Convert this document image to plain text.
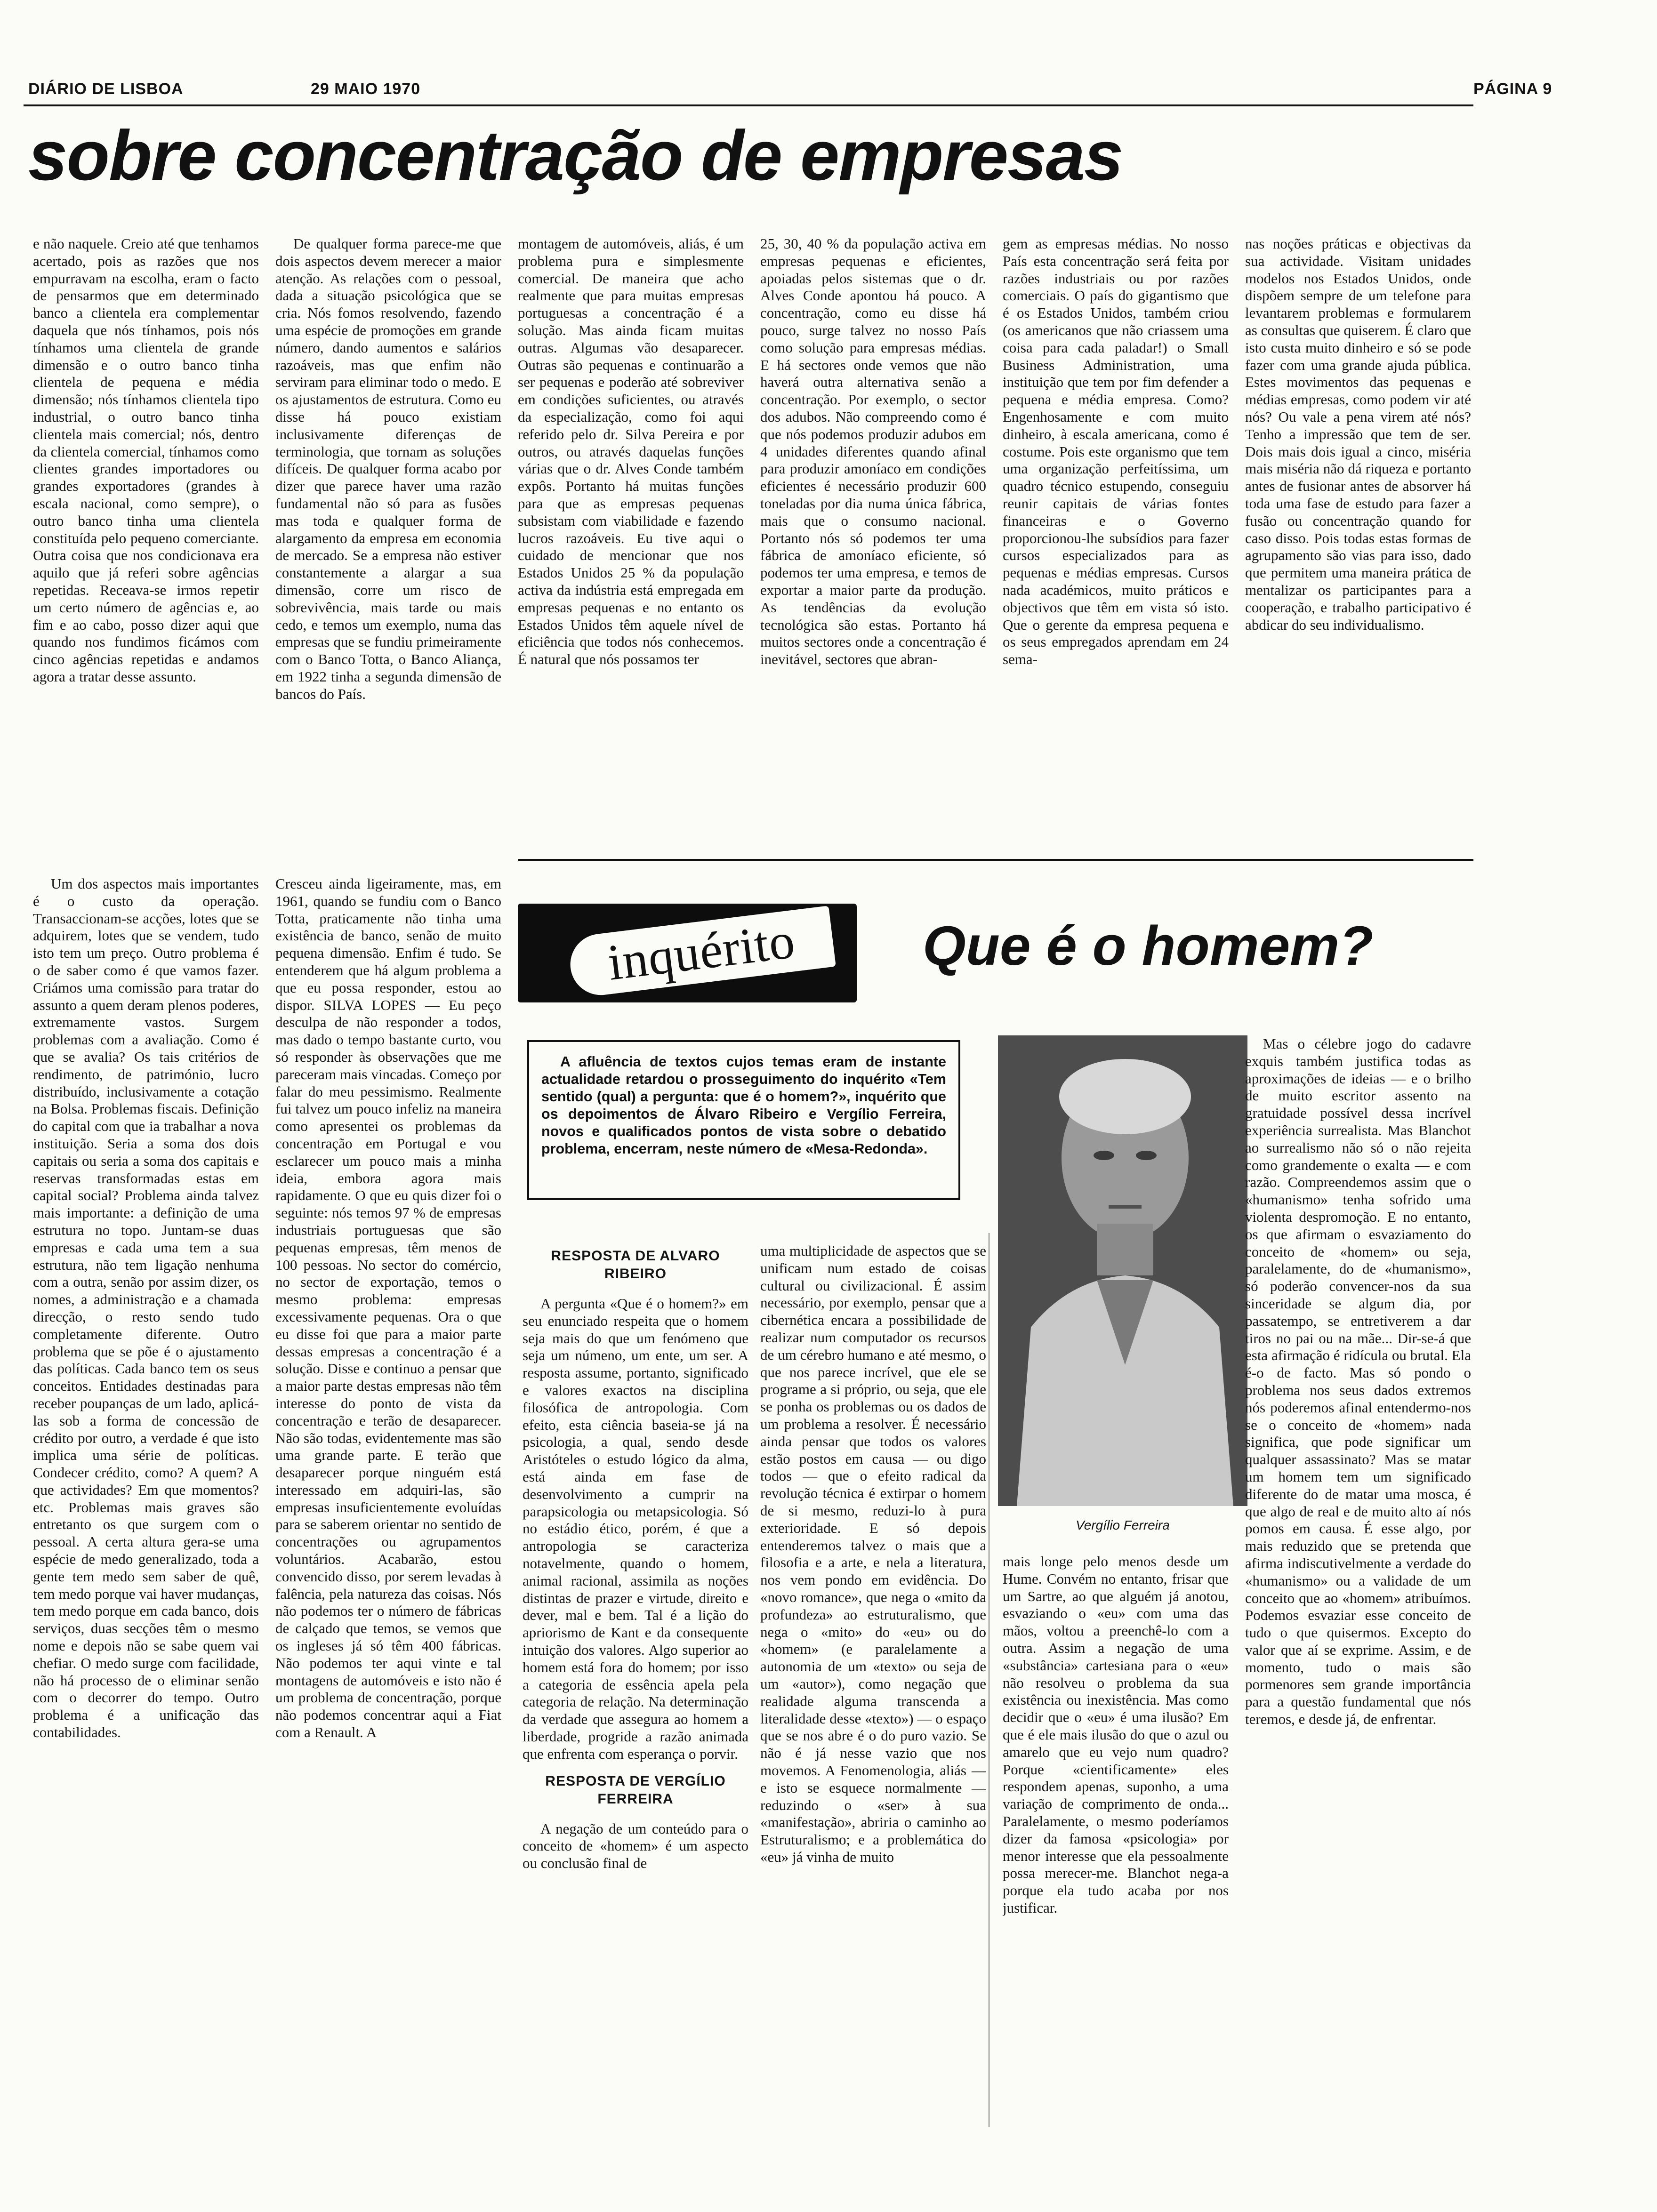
DIÁRIO DE LISBOA	29 MAIO 1970	PÁGINA 9
sobre concentração de empresas

e não naquele. Creio até que tenhamos acertado, pois as razões que nos empurravam na escolha, eram o facto de pensarmos que em determinado banco a clientela era complementar daquela que nós tínhamos, pois nós tínhamos uma clientela de grande dimensão e o outro banco tinha clientela de pequena e média dimensão; nós tínhamos clientela tipo industrial, o outro banco tinha clientela mais comercial; nós, dentro da clientela comercial, tínhamos como clientes grandes importadores ou grandes exportadores (grandes à escala nacional, como sempre), o outro banco tinha uma clientela constituída pelo pequeno comerciante. Outra coisa que nos condicionava era aquilo que já referi sobre agências repetidas. Receava-se irmos repetir um certo número de agências e, ao fim e ao cabo, posso dizer aqui que quando nos fundimos ficámos com cinco agências repetidas e andamos agora a tratar desse assunto.

De qualquer forma parece-me que dois aspectos devem merecer a maior atenção. As relações com o pessoal, dada a situação psicológica que se cria. Nós fomos resolvendo, fazendo uma espécie de promoções em grande número, dando aumentos e salários razoáveis, mas que enfim não serviram para eliminar todo o medo. E os ajustamentos de estrutura. Como eu disse há pouco existiam inclusivamente diferenças de terminologia, que tornam as soluções difíceis. De qualquer forma acabo por dizer que parece haver uma razão fundamental não só para as fusões mas toda e qualquer forma de alargamento da empresa em economia de mercado. Se a empresa não estiver constantemente a alargar a sua dimensão, corre um risco de sobrevivência, mais tarde ou mais cedo, e temos um exemplo, numa das empresas que se fundiu primeiramente com o Banco Totta, o Banco Aliança, em 1922 tinha a segunda dimensão de bancos do País.

montagem de automóveis, aliás, é um problema pura e simplesmente comercial. De maneira que acho realmente que para muitas empresas portuguesas a concentração é a solução. Mas ainda ficam muitas outras. Algumas vão desaparecer. Outras são pequenas e continuarão a ser pequenas e poderão até sobreviver em condições suficientes, ou através da especialização, como foi aqui referido pelo dr. Silva Pereira e por outros, ou através daquelas funções várias que o dr. Alves Conde também expôs. Portanto há muitas funções para que as empresas pequenas subsistam com viabilidade e fazendo lucros razoáveis. Eu tive aqui o cuidado de mencionar que nos Estados Unidos 25 % da população activa da indústria está empregada em empresas pequenas e no entanto os Estados Unidos têm aquele nível de eficiência que todos nós conhecemos. É natural que nós possamos ter

25, 30, 40 % da população activa em empresas pequenas e eficientes, apoiadas pelos sistemas que o dr. Alves Conde apontou há pouco. A concentração, como eu disse há pouco, surge talvez no nosso País como solução para empresas médias. E há sectores onde vemos que não haverá outra alternativa senão a concentração. Por exemplo, o sector dos adubos. Não compreendo como é que nós podemos produzir adubos em 4 unidades diferentes quando afinal para produzir amoníaco em condições eficientes é necessário produzir 600 toneladas por dia numa única fábrica, mais que o consumo nacional. Portanto nós só podemos ter uma fábrica de amoníaco eficiente, só podemos ter uma empresa, e temos de exportar a maior parte da produção. As tendências da evolução tecnológica são estas. Portanto há muitos sectores onde a concentração é inevitável, sectores que abran-

gem as empresas médias. No nosso País esta concentração será feita por razões industriais ou por razões comerciais. O país do gigantismo que é os Estados Unidos, também criou (os americanos que não criassem uma coisa para cada paladar!) o Small Business Administration, uma instituição que tem por fim defender a pequena e média empresa. Como? Engenhosamente e com muito dinheiro, à escala americana, como é costume. Pois este organismo que tem uma organização perfeitíssima, um quadro técnico estupendo, conseguiu reunir capitais de várias fontes financeiras e o Governo proporcionou-lhe subsídios para fazer cursos especializados para as pequenas e médias empresas. Cursos nada académicos, muito práticos e objectivos que têm em vista só isto. Que o gerente da empresa pequena e os seus empregados aprendam em 24 sema-

nas noções práticas e objectivas da sua actividade. Visitam unidades modelos nos Estados Unidos, onde dispõem sempre de um telefone para levantarem problemas e formularem as consultas que quiserem. É claro que isto custa muito dinheiro e só se pode fazer com uma grande ajuda pública. Estes movimentos das pequenas e médias empresas, como podem vir até nós? Ou vale a pena virem até nós? Tenho a impressão que tem de ser. Dois mais dois igual a cinco, miséria mais miséria não dá riqueza e portanto antes de fusionar antes de absorver há toda uma fase de estudo para fazer a fusão ou concentração quando for caso disso. Pois todas estas formas de agrupamento são vias para isso, dado que permitem uma maneira prática de mentalizar os participantes para a cooperação, e trabalho participativo é abdicar do seu individualismo.

Um dos aspectos mais importantes é o custo da operação. Transaccionam-se acções, lotes que se adquirem, lotes que se vendem, tudo isto tem um preço. Outro problema é o de saber como é que vamos fazer. Criámos uma comissão para tratar do assunto a quem deram plenos poderes, extremamente vastos. Surgem problemas com a avaliação. Como é que se avalia? Os tais critérios de rendimento, de património, lucro distribuído, inclusivamente a cotação na Bolsa. Problemas fiscais. Definição do capital com que ia trabalhar a nova instituição. Seria a soma dos dois capitais ou seria a soma dos capitais e reservas transformadas estas em capital social? Problema ainda talvez mais importante: a definição de uma estrutura no topo. Juntam-se duas empresas e cada uma tem a sua estrutura, não tem ligação nenhuma com a outra, senão por assim dizer, os nomes, a administração e a chamada direcção, o resto sendo tudo completamente diferente. Outro problema que se põe é o ajustamento das políticas. Cada banco tem os seus conceitos. Entidades destinadas para receber poupanças de um lado, aplicá-las sob a forma de concessão de crédito por outro, a verdade é que isto implica uma série de políticas. Condecer crédito, como? A quem? A que actividades? Em que momentos? etc. Problemas mais graves são entretanto os que surgem com o pessoal. A certa altura gera-se uma espécie de medo generalizado, toda a gente tem medo sem saber de quê, tem medo porque vai haver mudanças, tem medo porque em cada banco, dois serviços, duas secções têm o mesmo nome e depois não se sabe quem vai chefiar. O medo surge com facilidade, não há processo de o eliminar senão com o decorrer do tempo. Outro problema é a unificação das contabilidades.

Cresceu ainda ligeiramente, mas, em 1961, quando se fundiu com o Banco Totta, praticamente não tinha uma existência de banco, senão de muito pequena dimensão. Enfim é tudo. Se entenderem que há algum problema a que eu possa responder, estou ao dispor. SILVA LOPES — Eu peço desculpa de não responder a todos, mas dado o tempo bastante curto, vou só responder às observações que me pareceram mais vincadas. Começo por falar do meu pessimismo. Realmente fui talvez um pouco infeliz na maneira como apresentei os problemas da concentração em Portugal e vou esclarecer um pouco mais a minha ideia, embora agora mais rapidamente. O que eu quis dizer foi o seguinte: nós temos 97 % de empresas industriais portuguesas que são pequenas empresas, têm menos de 100 pessoas. No sector do comércio, no sector de exportação, temos o mesmo problema: empresas excessivamente pequenas. Ora o que eu disse foi que para a maior parte dessas empresas a concentração é a solução. Disse e continuo a pensar que a maior parte destas empresas não têm interesse do ponto de vista da concentração e terão de desaparecer. Não são todas, evidentemente mas são uma grande parte. E terão que desaparecer porque ninguém está interessado em adquiri-las, são empresas insuficientemente evoluídas para se saberem orientar no sentido de concentrações ou agrupamentos voluntários. Acabarão, estou convencido disso, por serem levadas à falência, pela natureza das coisas. Nós não podemos ter o número de fábricas de calçado que temos, se vemos que os ingleses já só têm 400 fábricas. Não podemos ter aqui vinte e tal montagens de automóveis e isto não é um problema de concentração, porque não podemos concentrar aqui a Fiat com a Renault. A

inquérito	Que é o homem?
A afluência de textos cujos temas eram de instante actualidade retardou o prosseguimento do inquérito «Tem sentido (qual) a pergunta: que é o homem?», inquérito que os depoimentos de Álvaro Ribeiro e Vergílio Ferreira, novos e qualificados pontos de vista sobre o debatido problema, encerram, neste número de «Mesa-Redonda».
Vergílio Ferreira
RESPOSTA DE ALVARO RIBEIRO

A pergunta «Que é o homem?» em seu enunciado respeita que o homem seja mais do que um fenómeno que seja um númeno, um ente, um ser. A resposta assume, portanto, significado e valores exactos na disciplina filosófica de antropologia. Com efeito, esta ciência baseia-se já na psicologia, a qual, sendo desde Aristóteles o estudo lógico da alma, está ainda em fase de desenvolvimento a cumprir na parapsicologia ou metapsicologia. Só no estádio ético, porém, é que a antropologia se caracteriza notavelmente, quando o homem, animal racional, assimila as noções distintas de prazer e virtude, direito e dever, mal e bem. Tal é a lição do apriorismo de Kant e da consequente intuição dos valores. Algo superior ao homem está fora do homem; por isso a categoria de essência apela pela categoria de relação. Na determinação da verdade que assegura ao homem a liberdade, progride a razão animada que enfrenta com esperança o porvir.

RESPOSTA DE VERGÍLIO FERREIRA

A negação de um conteúdo para o conceito de «homem» é um aspecto ou conclusão final de

uma multiplicidade de aspectos que se unificam num estado de coisas cultural ou civilizacional. É assim necessário, por exemplo, pensar que a cibernética encara a possibilidade de realizar num computador os recursos de um cérebro humano e até mesmo, o que nos parece incrível, que ele se programe a si próprio, ou seja, que ele se ponha os problemas ou os dados de um problema a resolver. É necessário ainda pensar que todos os valores estão postos em causa — ou digo todos — que o efeito radical da revolução técnica é extirpar o homem de si mesmo, reduzi-lo à pura exterioridade. E só depois entenderemos talvez o mais que a filosofia e a arte, e nela a literatura, nos vem pondo em evidência. Do «novo romance», que nega o «mito da profundeza» ao estruturalismo, que nega o «mito» do «eu» ou do «homem» (e paralelamente a autonomia de um «texto» ou seja de um «autor»), como negação que realidade alguma transcenda a literalidade desse «texto») — o espaço que se nos abre é o do puro vazio. Se não é já nesse vazio que nos movemos. A Fenomenologia, aliás — e isto se esquece normalmente — reduzindo o «ser» à sua «manifestação», abriria o caminho ao Estruturalismo; e a problemática do «eu» já vinha de muito

mais longe pelo menos desde um Hume. Convém no entanto, frisar que um Sartre, ao que alguém já anotou, esvaziando o «eu» com uma das mãos, voltou a preenchê-lo com a outra. Assim a negação de uma «substância» cartesiana para o «eu» não resolveu o problema da sua existência ou inexistência. Mas como decidir que o «eu» é uma ilusão? Em que é ele mais ilusão do que o azul ou amarelo que eu vejo num quadro? Porque «cientificamente» eles respondem apenas, suponho, a uma variação de comprimento de onda... Paralelamente, o mesmo poderíamos dizer da famosa «psicologia» por menor interesse que ela pessoalmente possa merecer-me. Blanchot nega-a porque ela tudo acaba por nos justificar.

Mas o célebre jogo do cadavre exquis também justifica todas as aproximações de ideias — e o brilho de muito escritor assento na gratuidade possível dessa incrível experiência surrealista. Mas Blanchot ao surrealismo não só o não rejeita como grandemente o exalta — e com razão. Compreendemos assim que o «humanismo» tenha sofrido uma violenta despromoção. E no entanto, os que afirmam o esvaziamento do conceito de «homem» ou seja, paralelamente, do de «humanismo», só poderão convencer-nos da sua sinceridade se algum dia, por passatempo, se entretiverem a dar tiros no pai ou na mãe... Dir-se-á que esta afirmação é ridícula ou brutal. Ela é-o de facto. Mas só pondo o problema nos seus dados extremos nós poderemos afinal entendermo-nos se o conceito de «homem» nada significa, que pode significar um qualquer assassinato? Mas se matar um homem tem um significado diferente do de matar uma mosca, é que algo de real e de muito alto aí nós pomos em causa. É esse algo, por mais reduzido que se pretenda que afirma indiscutivelmente a verdade do «humanismo» ou a validade de um conceito que ao «homem» atribuímos. Podemos esvaziar esse conceito de tudo o que quisermos. Excepto do valor que aí se exprime. Assim, e de momento, tudo o mais são pormenores sem grande importância para a questão fundamental que nós teremos, e desde já, de enfrentar.
